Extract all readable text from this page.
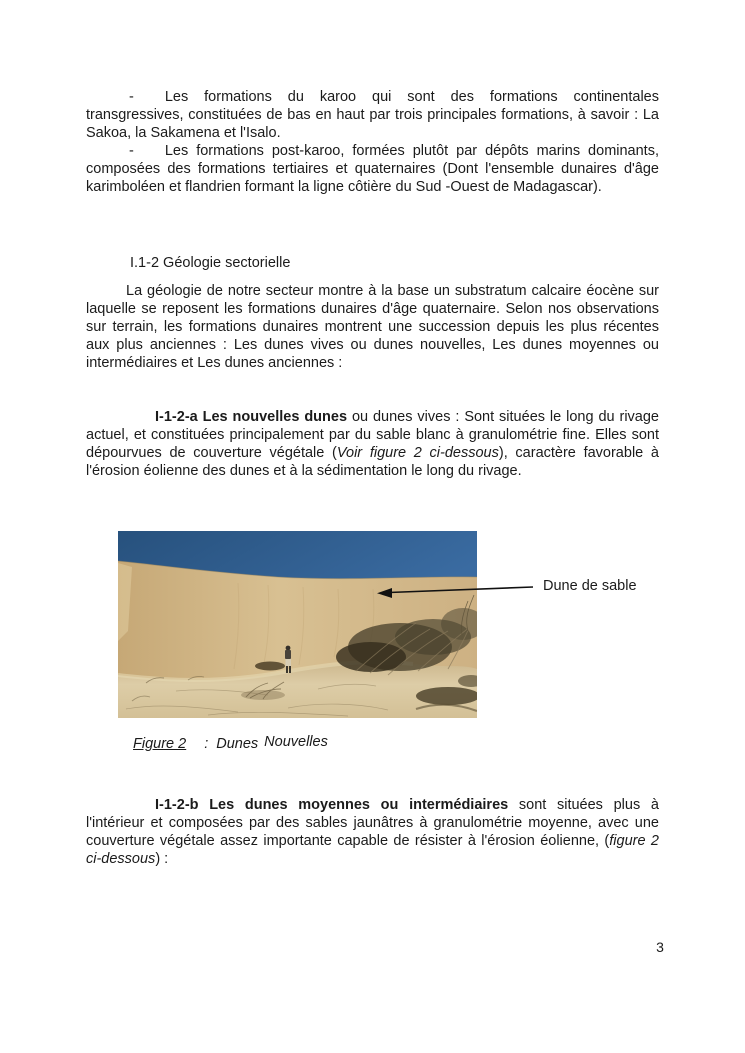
- Les formations du karoo qui sont des formations continentales transgressives, constituées de bas en haut par trois principales formations, à savoir : La Sakoa, la Sakamena et l'Isalo.

- Les formations post-karoo, formées plutôt par dépôts marins dominants, composées des formations tertiaires et quaternaires (Dont l'ensemble dunaires d'âge karimboléen et flandrien formant la ligne côtière du Sud -Ouest de Madagascar).

I.1-2 Géologie sectorielle
La géologie de notre secteur montre à la base un substratum calcaire éocène sur laquelle se reposent les formations dunaires d'âge quaternaire. Selon nos observations sur terrain, les formations dunaires montrent une succession depuis les plus récentes aux plus anciennes : Les dunes vives ou dunes nouvelles, Les dunes moyennes ou intermédiaires et Les dunes anciennes :
I-1-2-a Les nouvelles dunes ou dunes vives : Sont situées le long du rivage actuel, et constituées principalement par du sable blanc à granulométrie fine. Elles sont dépourvues de couverture végétale (Voir figure 2 ci-dessous), caractère favorable à l'érosion éolienne des dunes et à la sédimentation le long du rivage.
Dune de sable
Figure 2 : Dunes Nouvelles
I-1-2-b Les dunes moyennes ou intermédiaires sont situées plus à l'intérieur et composées par des sables jaunâtres à granulométrie moyenne, avec une couverture végétale assez importante capable de résister à l'érosion éolienne, (figure 2 ci-dessous) :
3
